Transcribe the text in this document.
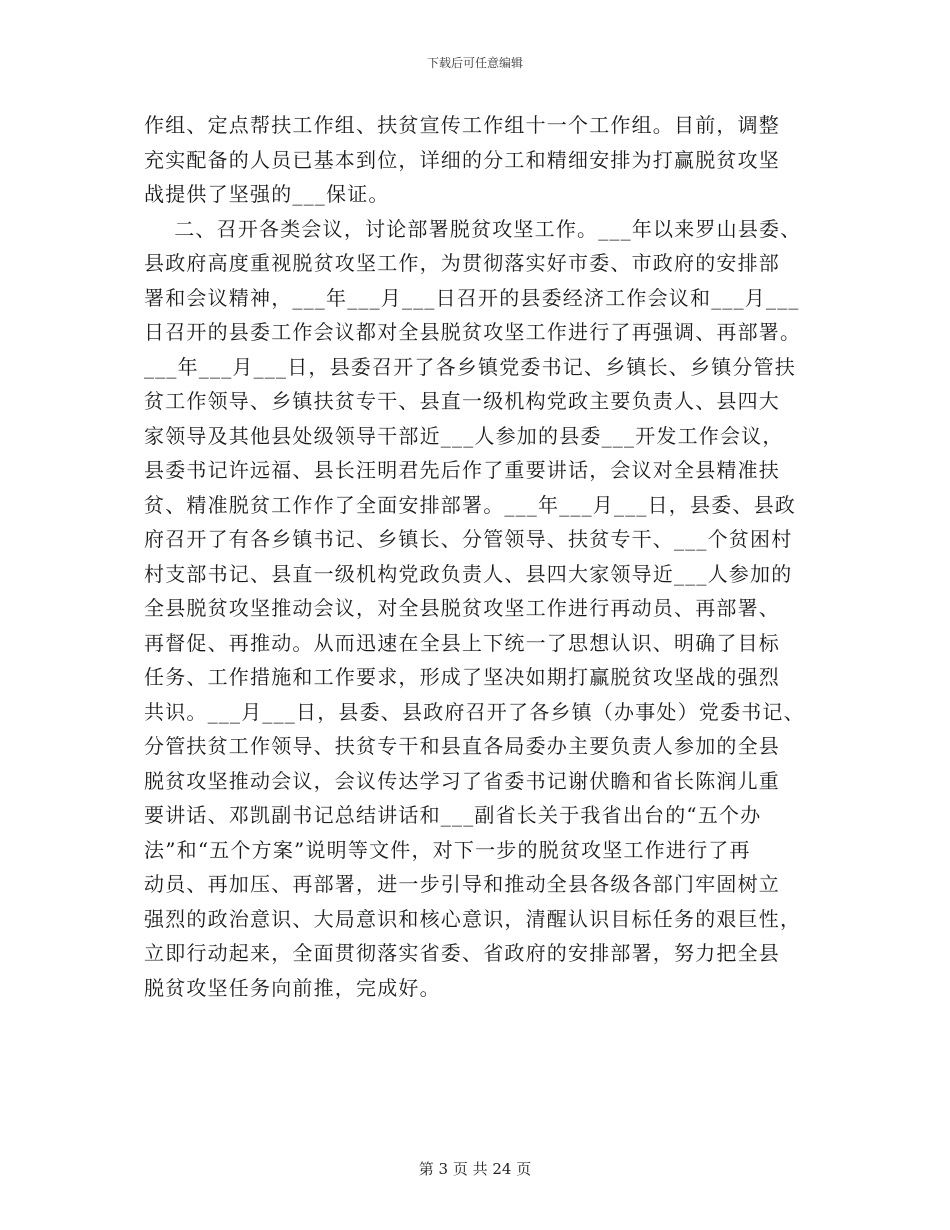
下载后可任意编辑
作组、定点帮扶工作组、扶贫宣传工作组十一个工作组。目前，调整
充实配备的人员已基本到位，详细的分工和精细安排为打赢脱贫攻坚
战提供了坚强的___保证。
二、召开各类会议，讨论部署脱贫攻坚工作。___年以来罗山县委、
县政府高度重视脱贫攻坚工作，为贯彻落实好市委、市政府的安排部
署和会议精神，___年___月___日召开的县委经济工作会议和___月___
日召开的县委工作会议都对全县脱贫攻坚工作进行了再强调、再部署。
___年___月___日，县委召开了各乡镇党委书记、乡镇长、乡镇分管扶
贫工作领导、乡镇扶贫专干、县直一级机构党政主要负责人、县四大
家领导及其他县处级领导干部近___人参加的县委___开发工作会议，
县委书记许远福、县长汪明君先后作了重要讲话，会议对全县精准扶
贫、精准脱贫工作作了全面安排部署。___年___月___日，县委、县政
府召开了有各乡镇书记、乡镇长、分管领导、扶贫专干、___个贫困村
村支部书记、县直一级机构党政负责人、县四大家领导近___人参加的
全县脱贫攻坚推动会议，对全县脱贫攻坚工作进行再动员、再部署、
再督促、再推动。从而迅速在全县上下统一了思想认识、明确了目标
任务、工作措施和工作要求，形成了坚决如期打赢脱贫攻坚战的强烈
共识。___月___日，县委、县政府召开了各乡镇（办事处）党委书记、
分管扶贫工作领导、扶贫专干和县直各局委办主要负责人参加的全县
脱贫攻坚推动会议，会议传达学习了省委书记谢伏瞻和省长陈润儿重
要讲话、邓凯副书记总结讲话和___副省长关于我省出台的“五个办
法”和“五个方案”说明等文件，对下一步的脱贫攻坚工作进行了再
动员、再加压、再部署，进一步引导和推动全县各级各部门牢固树立
强烈的政治意识、大局意识和核心意识，清醒认识目标任务的艰巨性，
立即行动起来，全面贯彻落实省委、省政府的安排部署，努力把全县
脱贫攻坚任务向前推，完成好。
第 3 页 共 24 页
